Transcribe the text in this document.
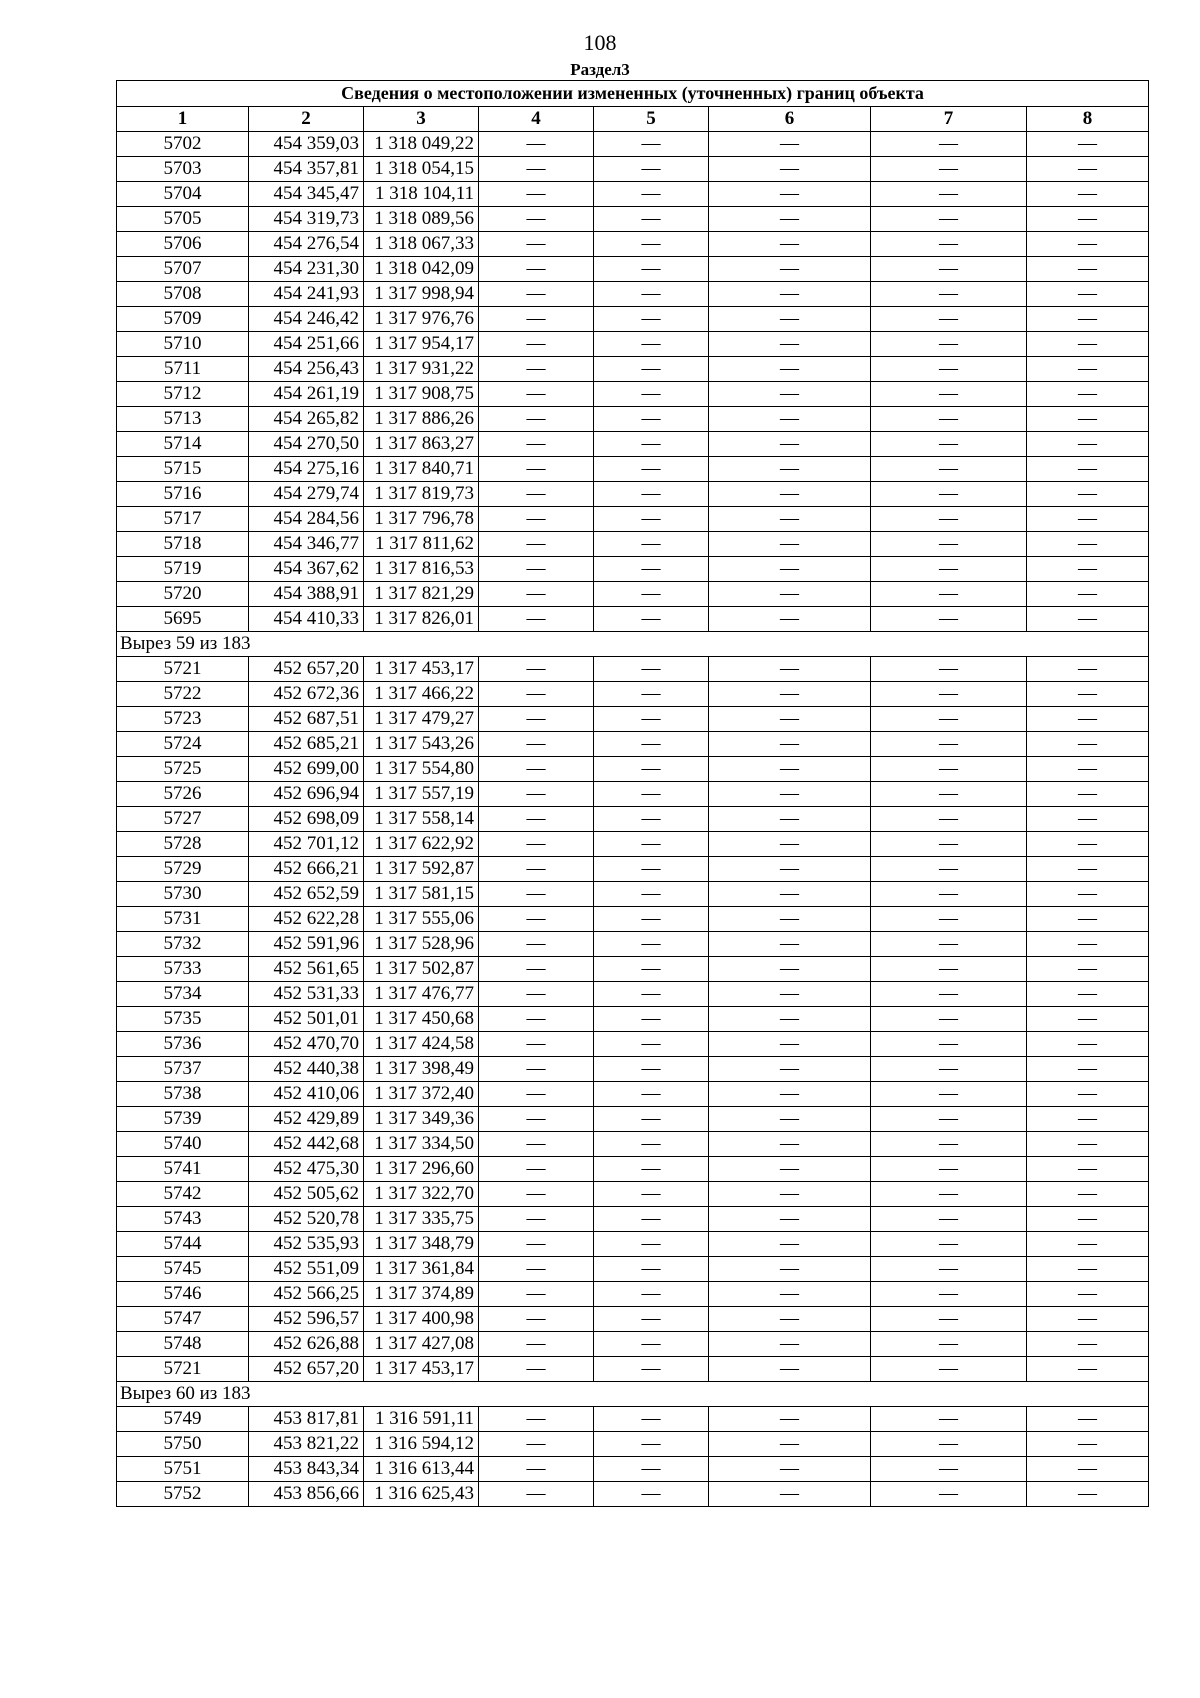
108
Раздел3
Сведения о местоположении измененных (уточненных) границ объекта							
1	2	3	4	5	6	7	8
5702	454 359,03	1 318 049,22	—	—	—	—	—
5703	454 357,81	1 318 054,15	—	—	—	—	—
5704	454 345,47	1 318 104,11	—	—	—	—	—
5705	454 319,73	1 318 089,56	—	—	—	—	—
5706	454 276,54	1 318 067,33	—	—	—	—	—
5707	454 231,30	1 318 042,09	—	—	—	—	—
5708	454 241,93	1 317 998,94	—	—	—	—	—
5709	454 246,42	1 317 976,76	—	—	—	—	—
5710	454 251,66	1 317 954,17	—	—	—	—	—
5711	454 256,43	1 317 931,22	—	—	—	—	—
5712	454 261,19	1 317 908,75	—	—	—	—	—
5713	454 265,82	1 317 886,26	—	—	—	—	—
5714	454 270,50	1 317 863,27	—	—	—	—	—
5715	454 275,16	1 317 840,71	—	—	—	—	—
5716	454 279,74	1 317 819,73	—	—	—	—	—
5717	454 284,56	1 317 796,78	—	—	—	—	—
5718	454 346,77	1 317 811,62	—	—	—	—	—
5719	454 367,62	1 317 816,53	—	—	—	—	—
5720	454 388,91	1 317 821,29	—	—	—	—	—
5695	454 410,33	1 317 826,01	—	—	—	—	—
Вырез 59 из 183							
5721	452 657,20	1 317 453,17	—	—	—	—	—
5722	452 672,36	1 317 466,22	—	—	—	—	—
5723	452 687,51	1 317 479,27	—	—	—	—	—
5724	452 685,21	1 317 543,26	—	—	—	—	—
5725	452 699,00	1 317 554,80	—	—	—	—	—
5726	452 696,94	1 317 557,19	—	—	—	—	—
5727	452 698,09	1 317 558,14	—	—	—	—	—
5728	452 701,12	1 317 622,92	—	—	—	—	—
5729	452 666,21	1 317 592,87	—	—	—	—	—
5730	452 652,59	1 317 581,15	—	—	—	—	—
5731	452 622,28	1 317 555,06	—	—	—	—	—
5732	452 591,96	1 317 528,96	—	—	—	—	—
5733	452 561,65	1 317 502,87	—	—	—	—	—
5734	452 531,33	1 317 476,77	—	—	—	—	—
5735	452 501,01	1 317 450,68	—	—	—	—	—
5736	452 470,70	1 317 424,58	—	—	—	—	—
5737	452 440,38	1 317 398,49	—	—	—	—	—
5738	452 410,06	1 317 372,40	—	—	—	—	—
5739	452 429,89	1 317 349,36	—	—	—	—	—
5740	452 442,68	1 317 334,50	—	—	—	—	—
5741	452 475,30	1 317 296,60	—	—	—	—	—
5742	452 505,62	1 317 322,70	—	—	—	—	—
5743	452 520,78	1 317 335,75	—	—	—	—	—
5744	452 535,93	1 317 348,79	—	—	—	—	—
5745	452 551,09	1 317 361,84	—	—	—	—	—
5746	452 566,25	1 317 374,89	—	—	—	—	—
5747	452 596,57	1 317 400,98	—	—	—	—	—
5748	452 626,88	1 317 427,08	—	—	—	—	—
5721	452 657,20	1 317 453,17	—	—	—	—	—
Вырез 60 из 183							
5749	453 817,81	1 316 591,11	—	—	—	—	—
5750	453 821,22	1 316 594,12	—	—	—	—	—
5751	453 843,34	1 316 613,44	—	—	—	—	—
5752	453 856,66	1 316 625,43	—	—	—	—	—
